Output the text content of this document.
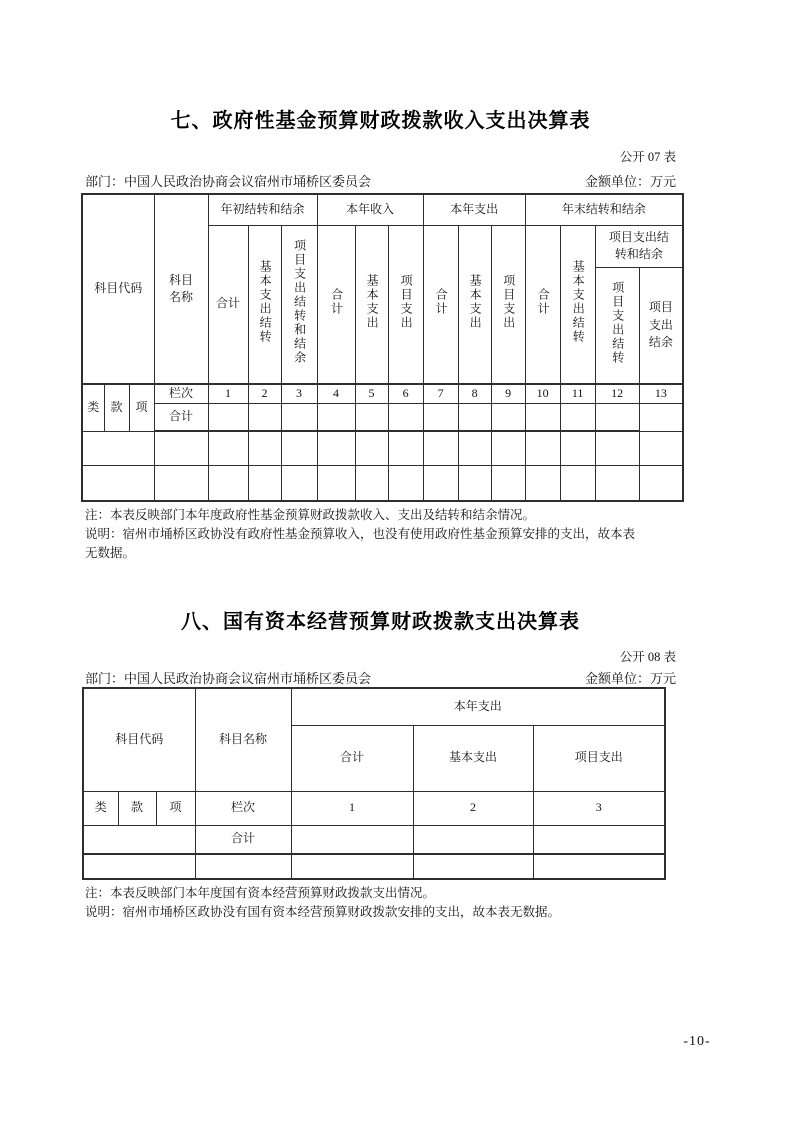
七、政府性基金预算财政拨款收入支出决算表
公开 07 表
部门：中国人民政治协商会议宿州市埇桥区委员会	金额单位：万元
科目代码			科目名称	年初结转和结余			本年收入			本年支出			年末结转和结余			
				合计	基本支出结转	项目支出结转和结余	合计	基本支出	项目支出	合计	基本支出	项目支出	合计	基本支出结转	项目支出结转和结余	
															项目支出结转	项目支出结余
类	款	项	栏次	1	2	3	4	5	6	7	8	9	10	11	12	13
			合计													

注：本表反映部门本年度政府性基金预算财政拨款收入、支出及结转和结余情况。
说明：宿州市埇桥区政协没有政府性基金预算收入，也没有使用政府性基金预算安排的支出，故本表无数据。
八、国有资本经营预算财政拨款支出决算表
公开 08 表
部门：中国人民政治协商会议宿州市埇桥区委员会	金额单位：万元
科目代码			科目名称	本年支出		
				合计	基本支出	项目支出
类	款	项	栏次	1	2	3
			合计			

注：本表反映部门本年度国有资本经营预算财政拨款支出情况。
说明：宿州市埇桥区政协没有国有资本经营预算财政拨款安排的支出，故本表无数据。
-10-
